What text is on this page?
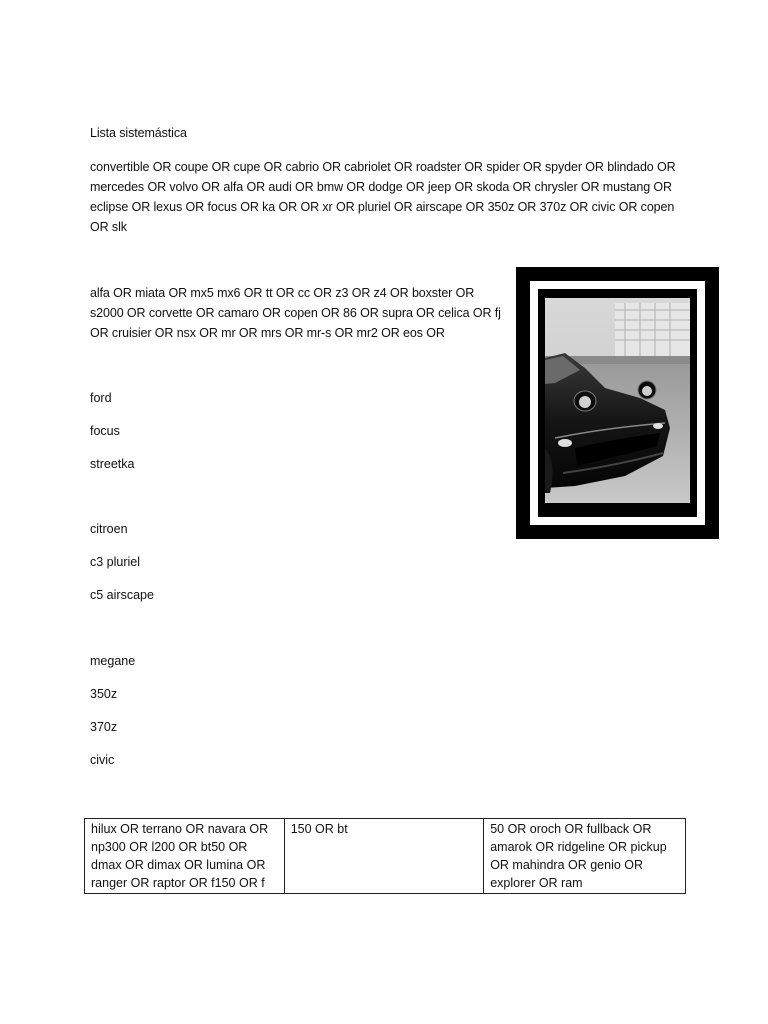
Lista sistemástica
convertible OR coupe OR cupe OR cabrio OR cabriolet OR roadster OR spider OR spyder OR blindado OR mercedes OR volvo OR alfa OR audi OR bmw OR dodge OR jeep OR skoda OR chrysler OR mustang OR eclipse OR lexus OR focus OR ka OR OR xr OR pluriel OR airscape OR 350z OR 370z OR civic OR copen OR slk
alfa OR miata OR mx5 mx6 OR tt OR cc OR z3 OR z4 OR boxster OR s2000 OR corvette OR camaro OR copen OR 86 OR supra OR celica OR fj OR cruisier OR nsx OR mr OR mrs OR mr-s OR mr2 OR eos OR
ford
focus
streetka
citroen
c3 pluriel
c5 airscape
megane
350z
370z
civic
hilux OR terrano OR navara OR np300 OR l200 OR bt50 OR dmax OR dimax OR lumina OR ranger OR raptor OR f150 OR f	150 OR bt	50 OR oroch OR fullback OR amarok OR ridgeline OR pickup OR mahindra OR genio OR explorer OR ram
